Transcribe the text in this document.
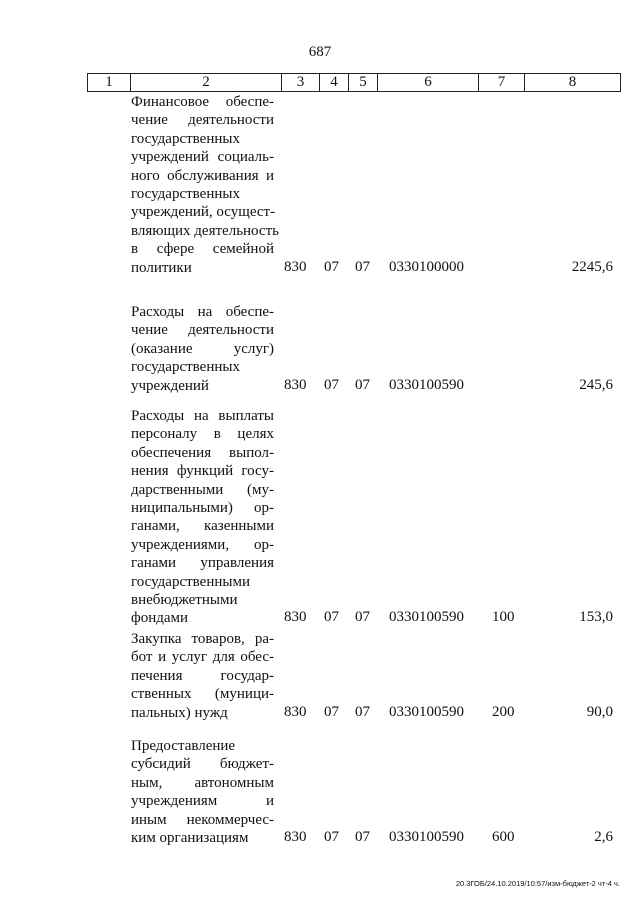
687
1	2	3	4	5	6	7	8
Финансовое обеспе-
чение деятельности
государственных
учреждений социаль-
ного обслуживания и
государственных
учреждений, осущест-
вляющих деятельность
в сфере семейной
политики	830 07 07 0330100000	2245,6
Расходы на обеспе-
чение деятельности
(оказание услуг)
государственных
учреждений	830 07 07 0330100590	245,6
Расходы на выплаты
персоналу в целях
обеспечения выпол-
нения функций госу-
дарственными (му-
ниципальными) ор-
ганами, казенными
учреждениями, ор-
ганами управления
государственными
внебюджетными
фондами	830 07 07 0330100590 100	153,0
Закупка товаров, ра-
бот и услуг для обес-
печения государ-
ственных (муници-
пальных) нужд	830 07 07 0330100590 200	90,0
Предоставление
субсидий бюджет-
ным, автономным
учреждениям и
иным некоммерчес-
ким организациям	830 07 07 0330100590 600	2,6
20.3ГОБ/24.10.2019/10:57/изм-бюджет-2 чт-4 ч.
